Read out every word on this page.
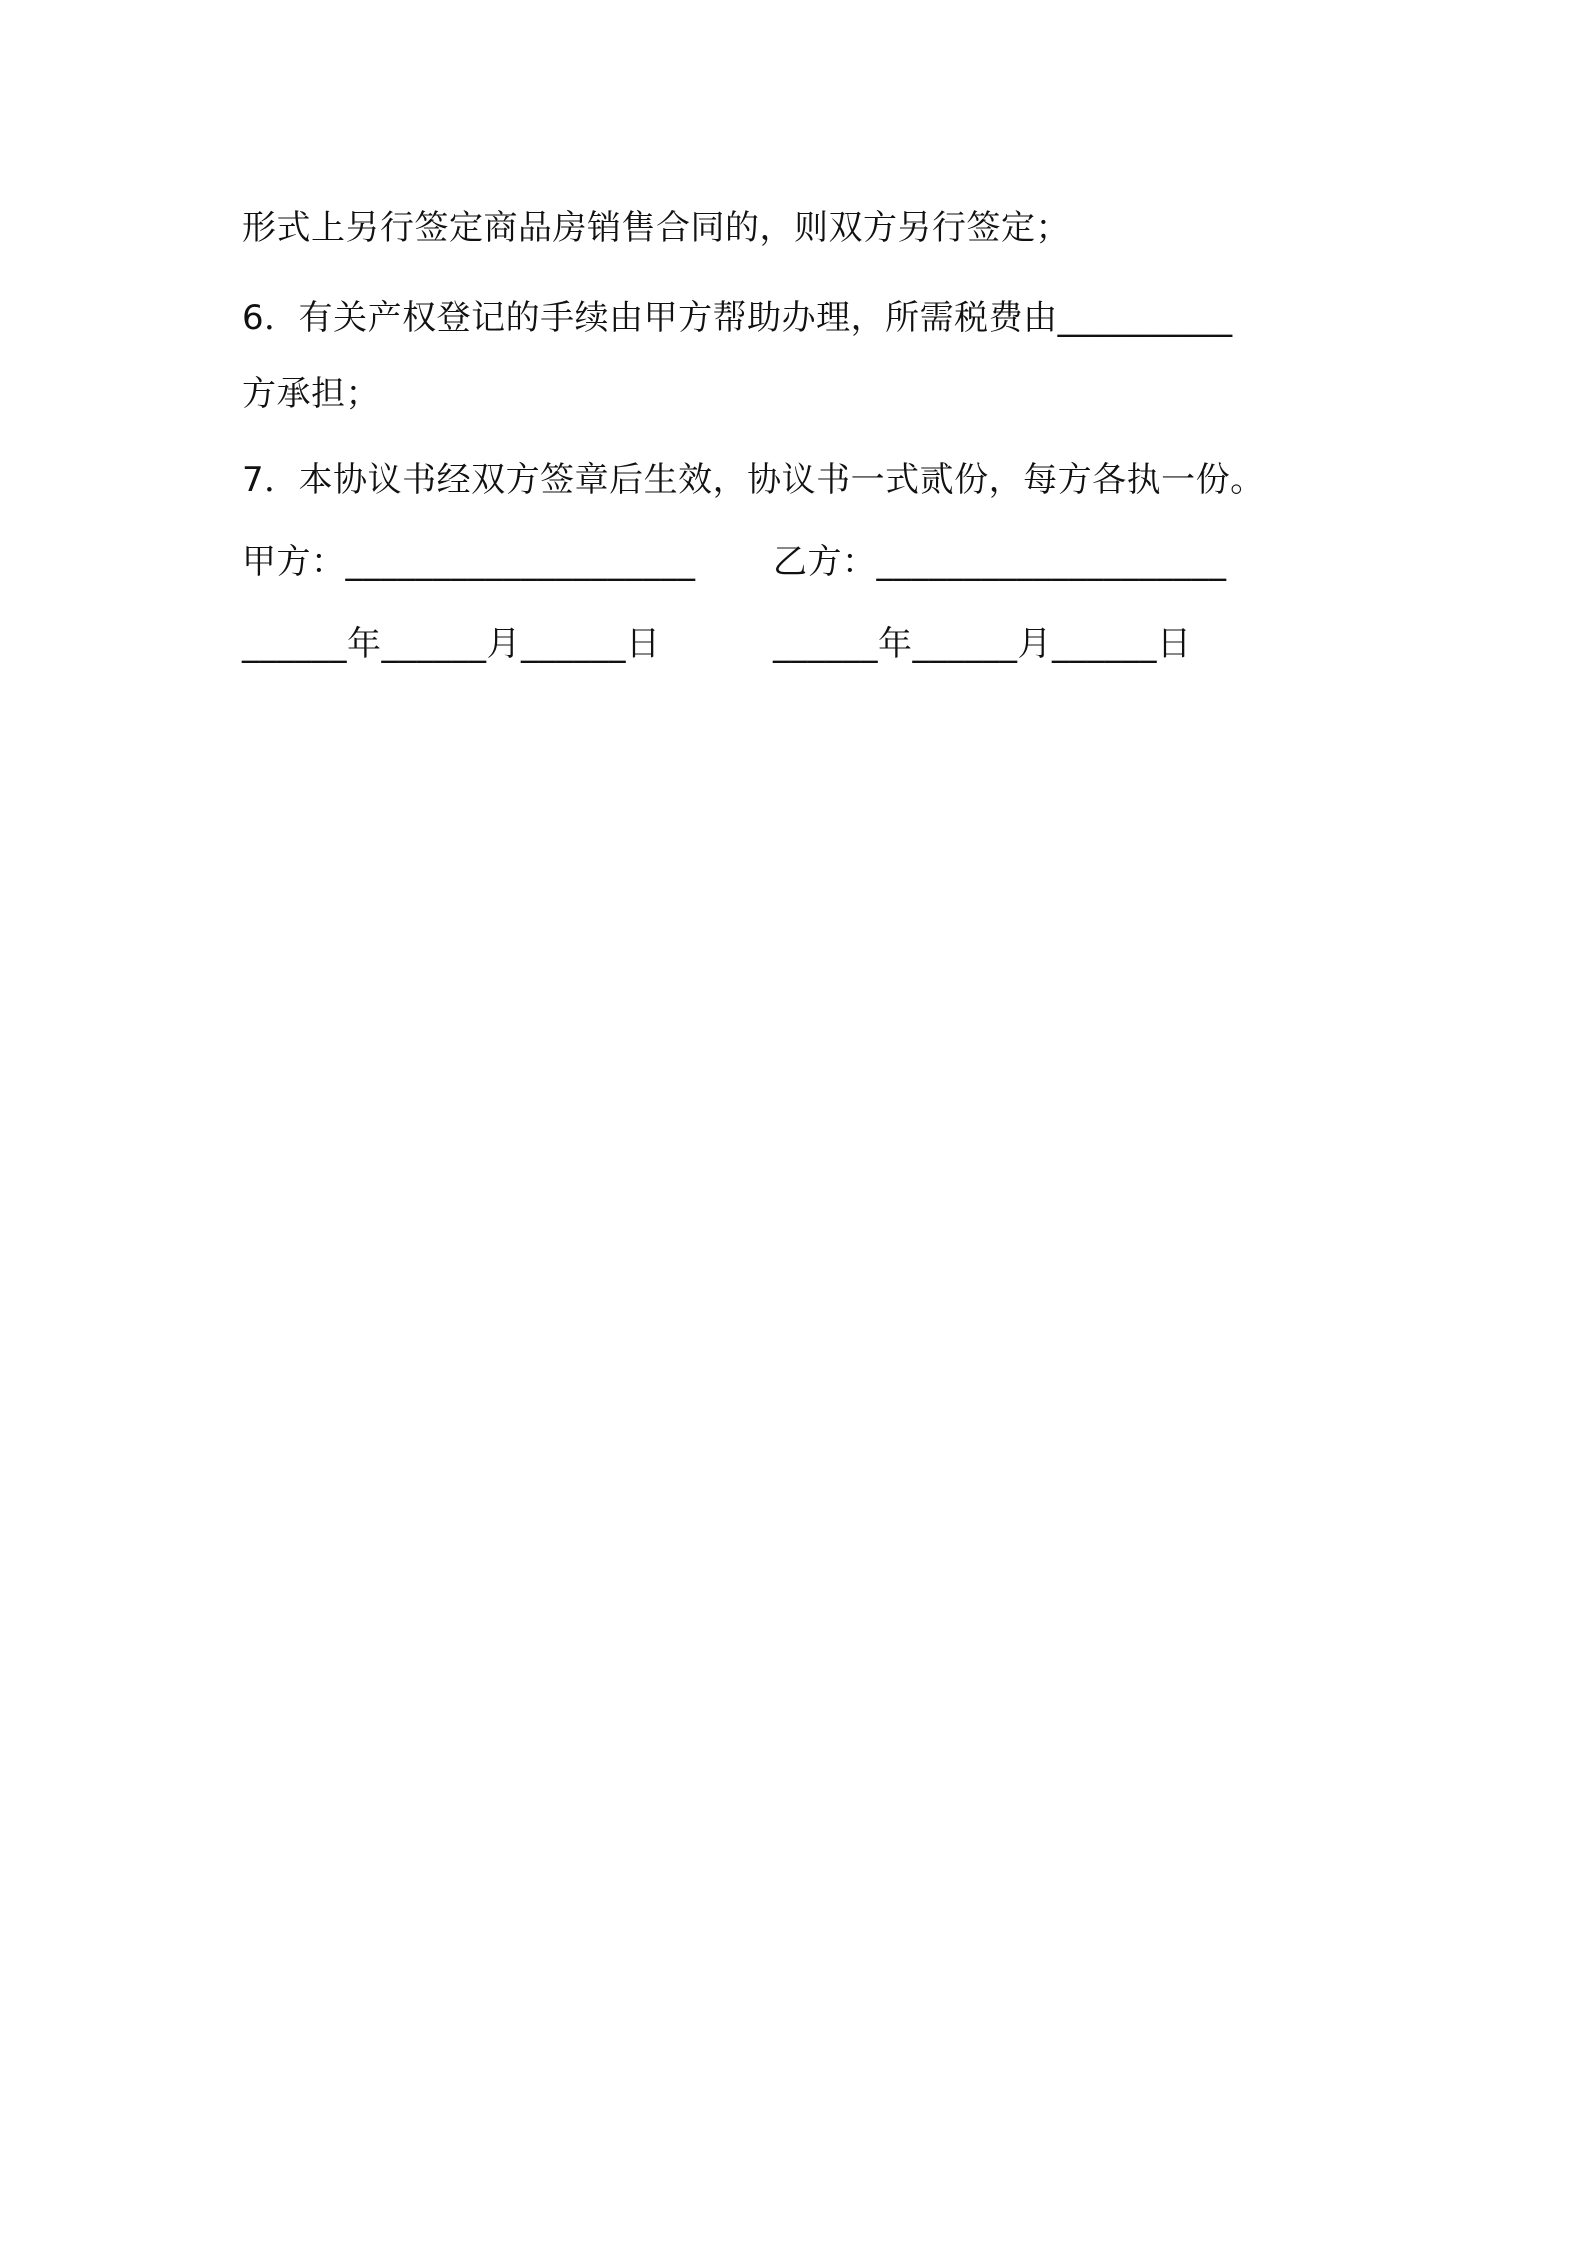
形式上另行签定商品房销售合同的，则双方另行签定；
6．有关产权登记的手续由甲方帮助办理，所需税费由__________
方承担；
7．本协议书经双方签章后生效，协议书一式贰份，每方各执一份。
甲方：____________________ 乙方：____________________
______年______月______日	______年______月______日
